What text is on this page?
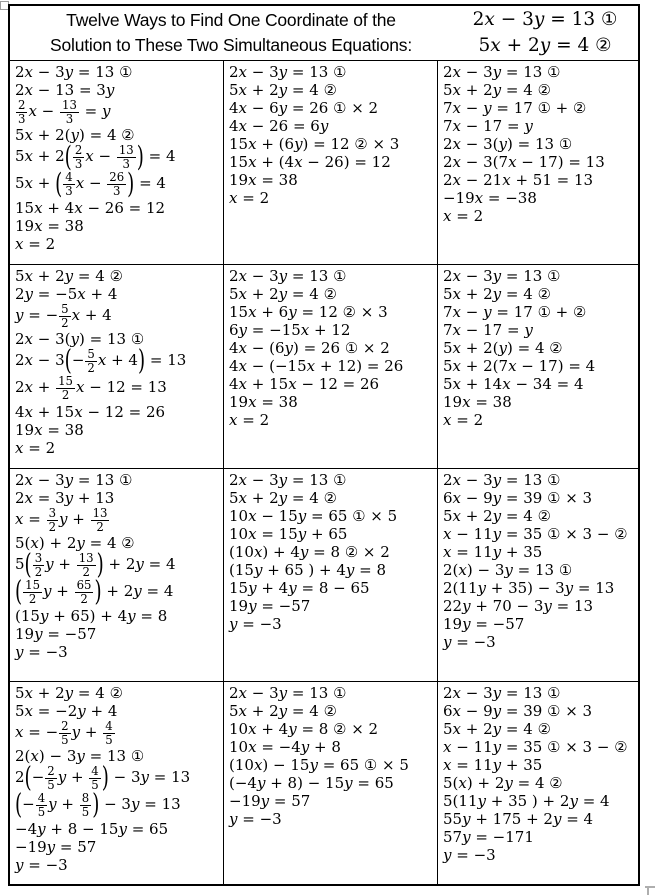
Twelve Ways to Find One Coordinate of the
Solution to These Two Simultaneous Equations:
2x − 3y = 13 ①
5x + 2y = 4 ②
2x − 3y = 13 ①
2x − 13 = 3y
$\frac{2}{3}$ $x - \frac{13}{3} = y$
5x + 2(y) = 4 ②
$5x + 2( \frac{2}{3}$ $x - \frac{13}{3}$ ) = 4
5x + ( $\frac{4}{3}$ $x - \frac{26}{3}$ ) = 4
15x + 4x − 26 = 12
19x = 38
x = 2
2x − 3y = 13 ①
5x + 2y = 4 ②
4x − 6y = 26 ① × 2
4x − 26 = 6y
15x + (6y) = 12 ② × 3
15x + (4x − 26) = 12
19x = 38
x = 2
2x − 3y = 13 ①
5x + 2y = 4 ②
7x − y = 17 ① + ②
7x − 17 = y
2x − 3(y) = 13 ①
2x − 3(7x − 17) = 13
2x − 21x + 51 = 13
−19x = −38
x = 2
5x + 2y = 4 ②
2y = −5x + 4
y = − $\frac{5}{2}$ x + 4
2x − 3(y) = 13 ①
$2x - 3(- \frac{5}{2}$ x + 4) = 13
$2x + \frac{15}{2}$ x − 12 = 13
4x + 15x − 12 = 26
19x = 38
x = 2
2x − 3y = 13 ①
5x + 2y = 4 ②
15x + 6y = 12 ② × 3
6y = −15x + 12
4x − (6y) = 26 ① × 2
4x − (−15x + 12) = 26
4x + 15x − 12 = 26
19x = 38
x = 2
2x − 3y = 13 ①
5x + 2y = 4 ②
7x − y = 17 ① + ②
7x − 17 = y
5x + 2(y) = 4 ②
5x + 2(7x − 17) = 4
5x + 14x − 34 = 4
19x = 38
x = 2
2x − 3y = 13 ①
2x = 3y + 13
$x = \frac{3}{2}$ $y + \frac{13}{2}$
5(x) + 2y = 4 ②
$5( \frac{3}{2}$ $y + \frac{13}{2}$ ) + 2y = 4
( $\frac{15}{2}$ $y + \frac{65}{2}$ ) + 2y = 4
(15y + 65) + 4y = 8
19y = −57
y = −3
2x − 3y = 13 ①
5x + 2y = 4 ②
10x − 15y = 65 ① × 5
10x = 15y + 65
(10x) + 4y = 8 ② × 2
(15y + 65 ) + 4y = 8
15y + 4y = 8 − 65
19y = −57
y = −3
2x − 3y = 13 ①
6x − 9y = 39 ① × 3
5x + 2y = 4 ②
x − 11y = 35 ① × 3 − ②
x = 11y + 35
2(x) − 3y = 13 ①
2(11y + 35) − 3y = 13
22y + 70 − 3y = 13
19y = −57
y = −3
5x + 2y = 4 ②
5x = −2y + 4
x = − $\frac{2}{5}$ $y + \frac{4}{5}$
2(x) − 3y = 13 ①
$2(- \frac{2}{5}$ $y + \frac{4}{5}$ ) − 3y = 13
(− $\frac{4}{5}$ $y + \frac{8}{5}$ ) − 3y = 13
−4y + 8 − 15y = 65
−19y = 57
y = −3
2x − 3y = 13 ①
5x + 2y = 4 ②
10x + 4y = 8 ② × 2
10x = −4y + 8
(10x) − 15y = 65 ① × 5
(−4y + 8) − 15y = 65
−19y = 57
y = −3
2x − 3y = 13 ①
6x − 9y = 39 ① × 3
5x + 2y = 4 ②
x − 11y = 35 ① × 3 − ②
x = 11y + 35
5(x) + 2y = 4 ②
5(11y + 35 ) + 2y = 4
55y + 175 + 2y = 4
57y = −171
y = −3
